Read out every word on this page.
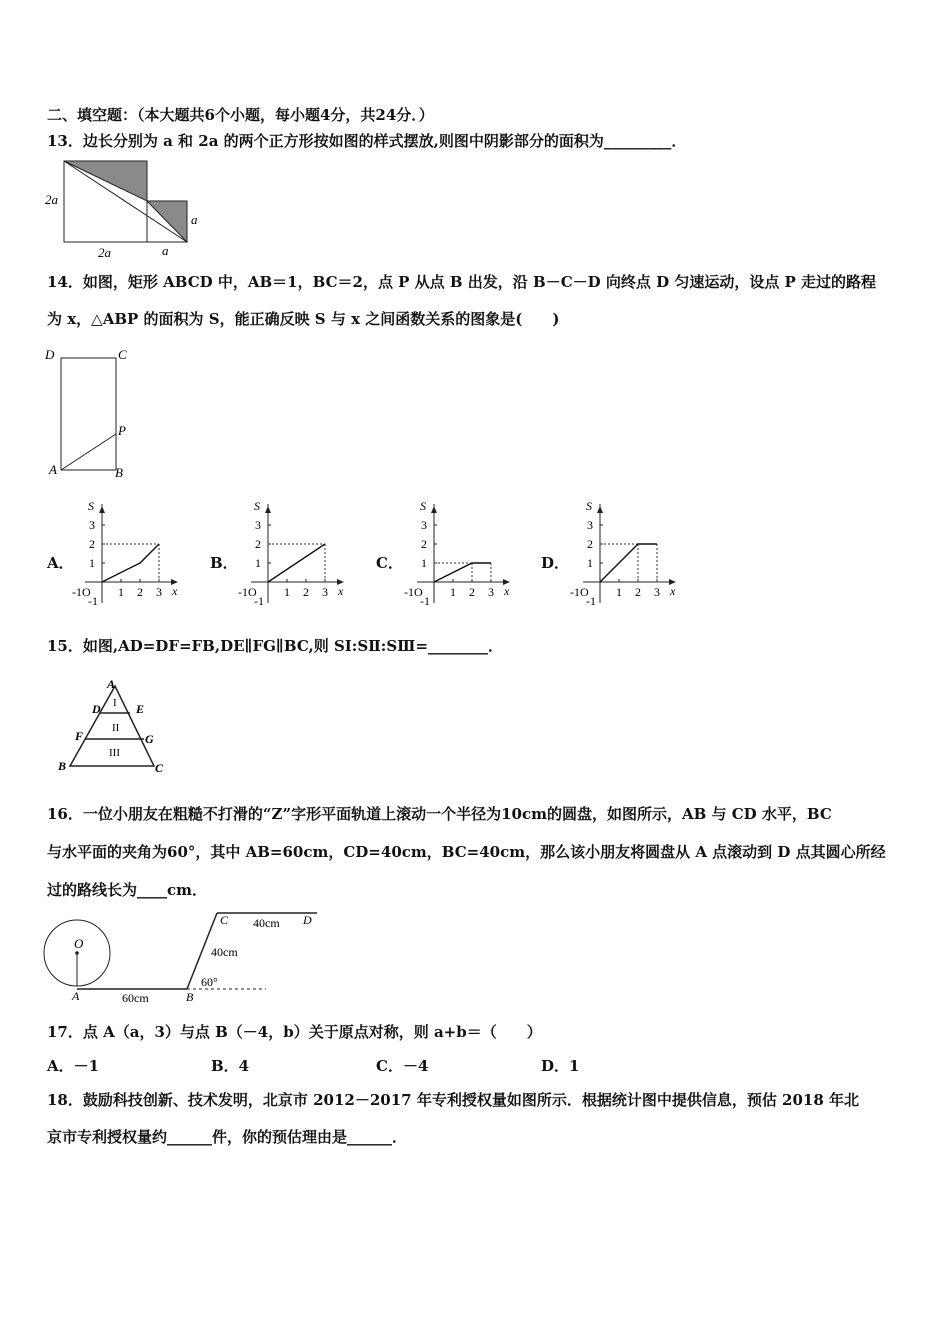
二、填空题：（本大题共6个小题，每小题4分，共24分．）
13．边长分别为 a 和 2a 的两个正方形按如图的样式摆放,则图中阴影部分的面积为_________．
2a
2a
a
a
14．如图，矩形 ABCD 中，AB＝1，BC＝2，点 P 从点 B 出发，沿 B－C－D 向终点 D 匀速运动，设点 P 走过的路程
为 x，△ABP 的面积为 S，能正确反映 S 与 x 之间函数关系的图象是(　　)
D	C
P
A	B
A．	B．	C．	D．
S
3
2
1
-1O
-1
1 2 3 x
S
3
2
1
-1O
-1
1 2 3 x
S
3
2
1
-1O
-1
1 2 3 x
S
3
2
1
-1O
-1
1 2 3 x
15．如图,AD=DF=FB,DE∥FG∥BC,则 SⅠ:SⅡ:SⅢ=________．
A
D	E
F	G
B	C
I
II
III
16．一位小朋友在粗糙不打滑的“Z”字形平面轨道上滚动一个半径为10cm的圆盘，如图所示，AB 与 CD 水平，BC
与水平面的夹角为60°，其中 AB=60cm，CD=40cm，BC=40cm，那么该小朋友将圆盘从 A 点滚动到 D 点其圆心所经
过的路线长为____cm．
O
A	60cm	B
60°
40cm
C 40cm D
17．点 A（a，3）与点 B（－4，b）关于原点对称，则 a+b＝（　　）
A．－1	B．4	C．－4	D．1
18．鼓励科技创新、技术发明，北京市 2012－2017 年专利授权量如图所示．根据统计图中提供信息，预估 2018 年北
京市专利授权量约______件，你的预估理由是______．
